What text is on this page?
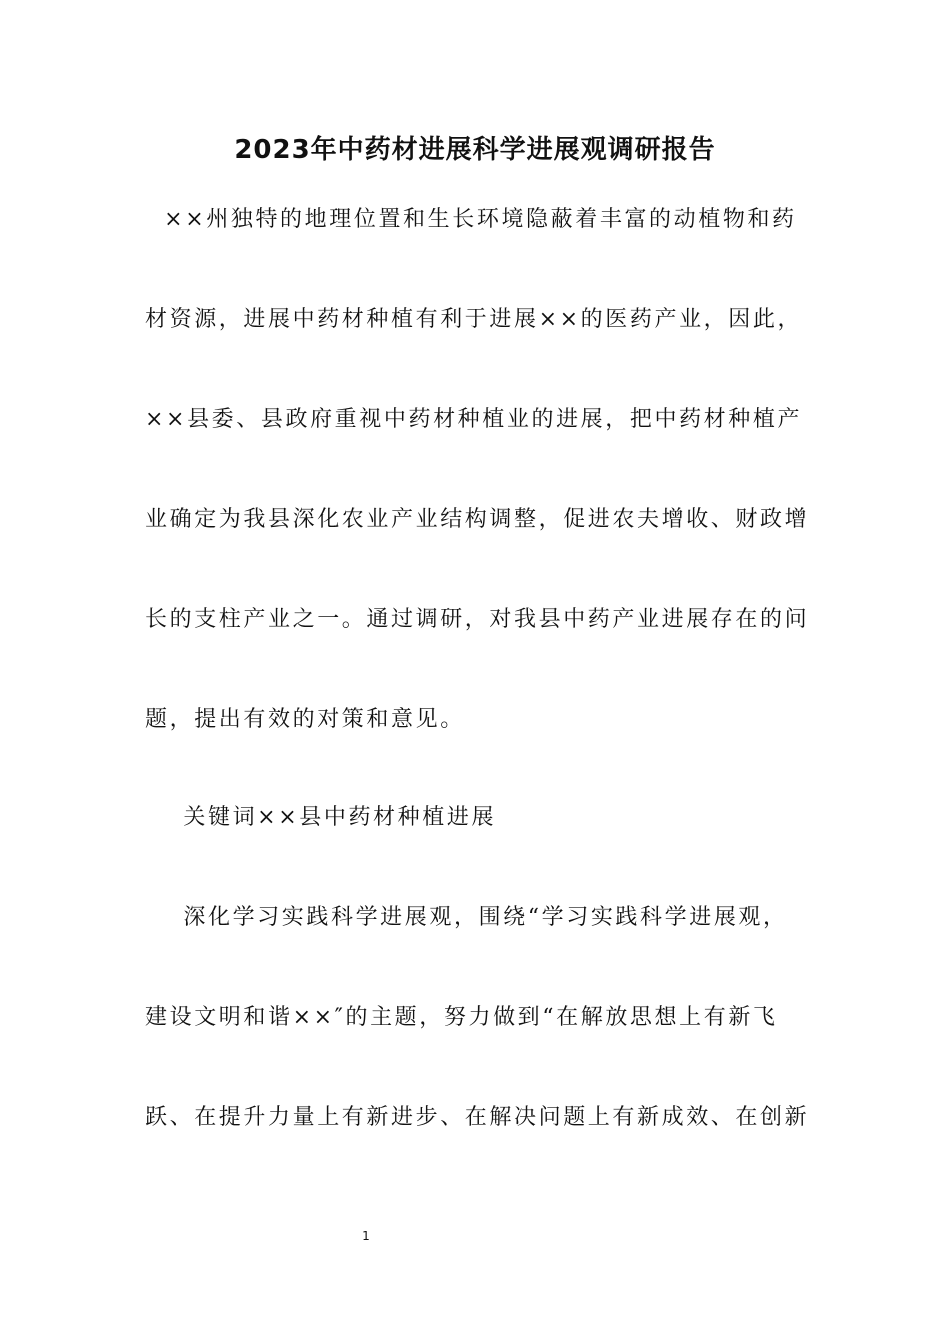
2023年中药材进展科学进展观调研报告
××州独特的地理位置和生长环境隐蔽着丰富的动植物和药
材资源，进展中药材种植有利于进展××的医药产业，因此，
××县委、县政府重视中药材种植业的进展，把中药材种植产
业确定为我县深化农业产业结构调整，促进农夫增收、财政增
长的支柱产业之一。通过调研，对我县中药产业进展存在的问
题，提出有效的对策和意见。
关键词××县中药材种植进展
深化学习实践科学进展观，围绕“学习实践科学进展观，
建设文明和谐××″的主题，努力做到“在解放思想上有新飞
跃、在提升力量上有新进步、在解决问题上有新成效、在创新
1
